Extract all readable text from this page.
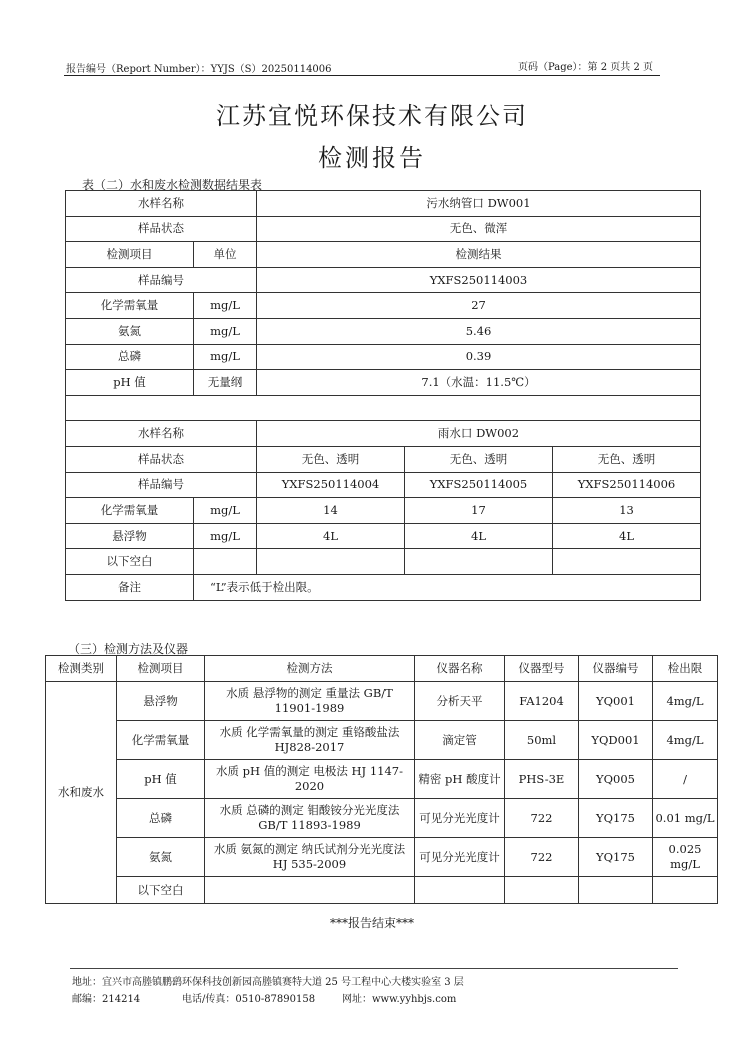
报告编号（Report Number）：YYJS（S）20250114006	页码（Page）：第 2 页共 2 页
江苏宜悦环保技术有限公司
检测报告
表（二）水和废水检测数据结果表
水样名称		污水纳管口 DW001		
样品状态		无色、微浑		
检测项目	单位	检测结果		
样品编号		YXFS250114003		
化学需氧量	mg/L	27		
氨氮	mg/L	5.46		
总磷	mg/L	0.39		
pH 值	无量纲	7.1（水温：11.5℃）		

水样名称		雨水口 DW002		
样品状态		无色、透明	无色、透明	无色、透明
样品编号		YXFS250114004	YXFS250114005	YXFS250114006
化学需氧量	mg/L	14	17	13
悬浮物	mg/L	4L	4L	4L
以下空白				
备注	“L”表示低于检出限。			
（三）检测方法及仪器
检测类别	检测项目	检测方法	仪器名称	仪器型号	仪器编号	检出限
水和废水	悬浮物	水质 悬浮物的测定 重量法 GB/T 11901-1989	分析天平	FA1204	YQ001	4mg/L
	化学需氧量	水质 化学需氧量的测定 重铬酸盐法 HJ828-2017	滴定管	50ml	YQD001	4mg/L
	pH 值	水质 pH 值的测定 电极法 HJ 1147-2020	精密 pH 酸度计	PHS-3E	YQ005	/
	总磷	水质 总磷的测定 钼酸铵分光光度法 GB/T 11893-1989	可见分光光度计	722	YQ175	0.01 mg/L
	氨氮	水质 氨氮的测定 纳氏试剂分光光度法 HJ 535-2009	可见分光光度计	722	YQ175	0.025 mg/L
	以下空白					
***报告结束***
地址：宜兴市高塍镇鹏鹞环保科技创新园高塍镇赛特大道 25 号工程中心大楼实验室 3 层
邮编：214214	电话/传真：0510-87890158	网址：www.yyhbjs.com
